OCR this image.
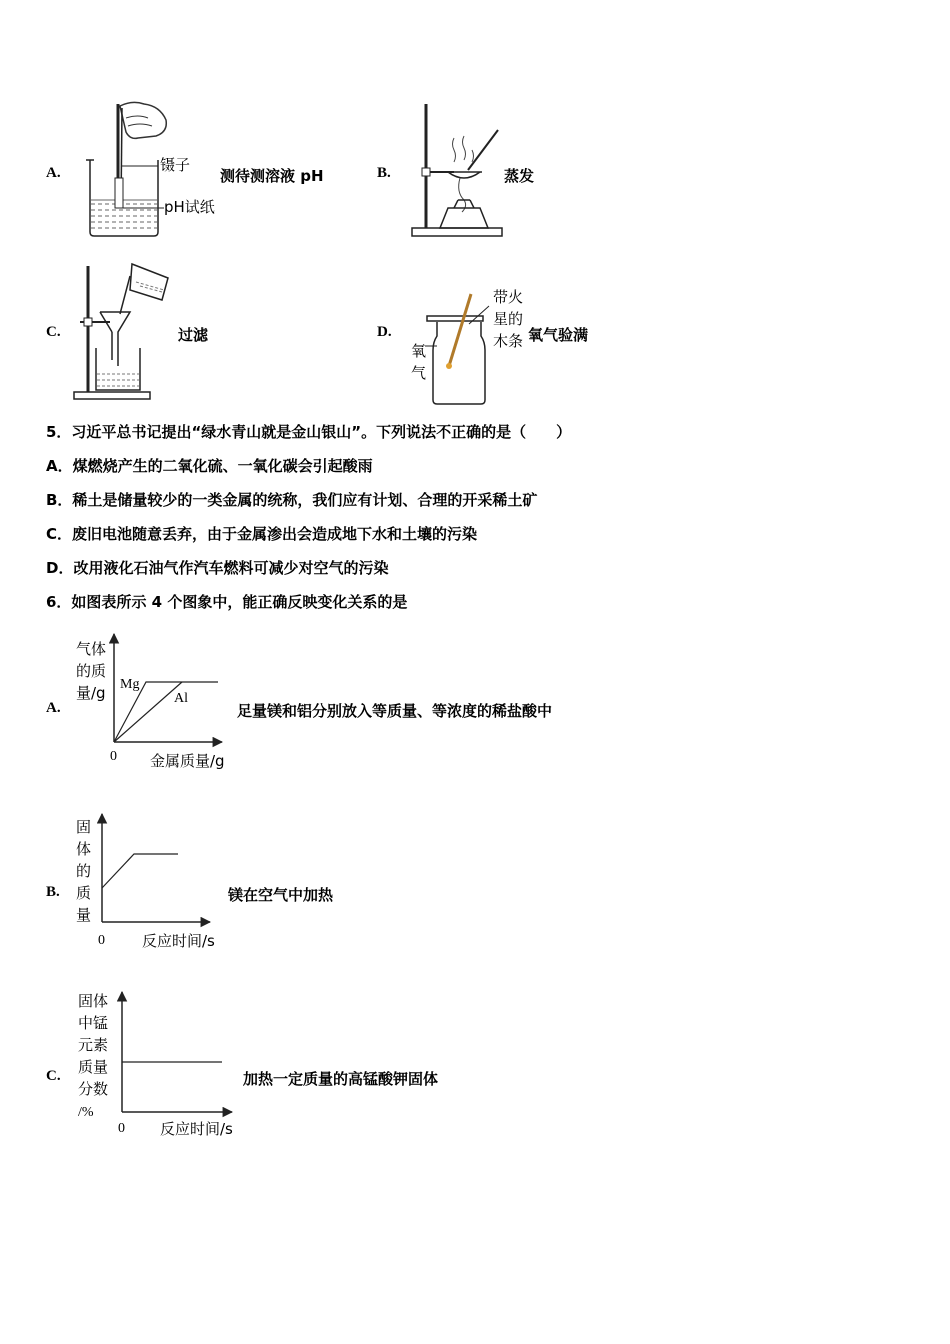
A.	镊子
pH试纸
测待测溶液 pH	B.	蒸发
C.	过滤	D.
带火
星的
木条
氧
气
氧气验满
5．习近平总书记提出“绿水青山就是金山银山”。下列说法不正确的是（　　）
A．煤燃烧产生的二氧化硫、一氧化碳会引起酸雨
B．稀土是储量较少的一类金属的统称，我们应有计划、合理的开采稀土矿
C．废旧电池随意丢弃，由于金属渗出会造成地下水和土壤的污染
D．改用液化石油气作汽车燃料可减少对空气的污染
6．如图表所示 4 个图象中，能正确反映变化关系的是
A.
气体
的质
量/g Mg
Al
0 金属质量/g
足量镁和铝分别放入等质量、等浓度的稀盐酸中
B.
固
体
的
质
量
0 反应时间/s
镁在空气中加热
C.
固体
中锰
元素
质量
分数
/%
0 反应时间/s
加热一定质量的高锰酸钾固体
